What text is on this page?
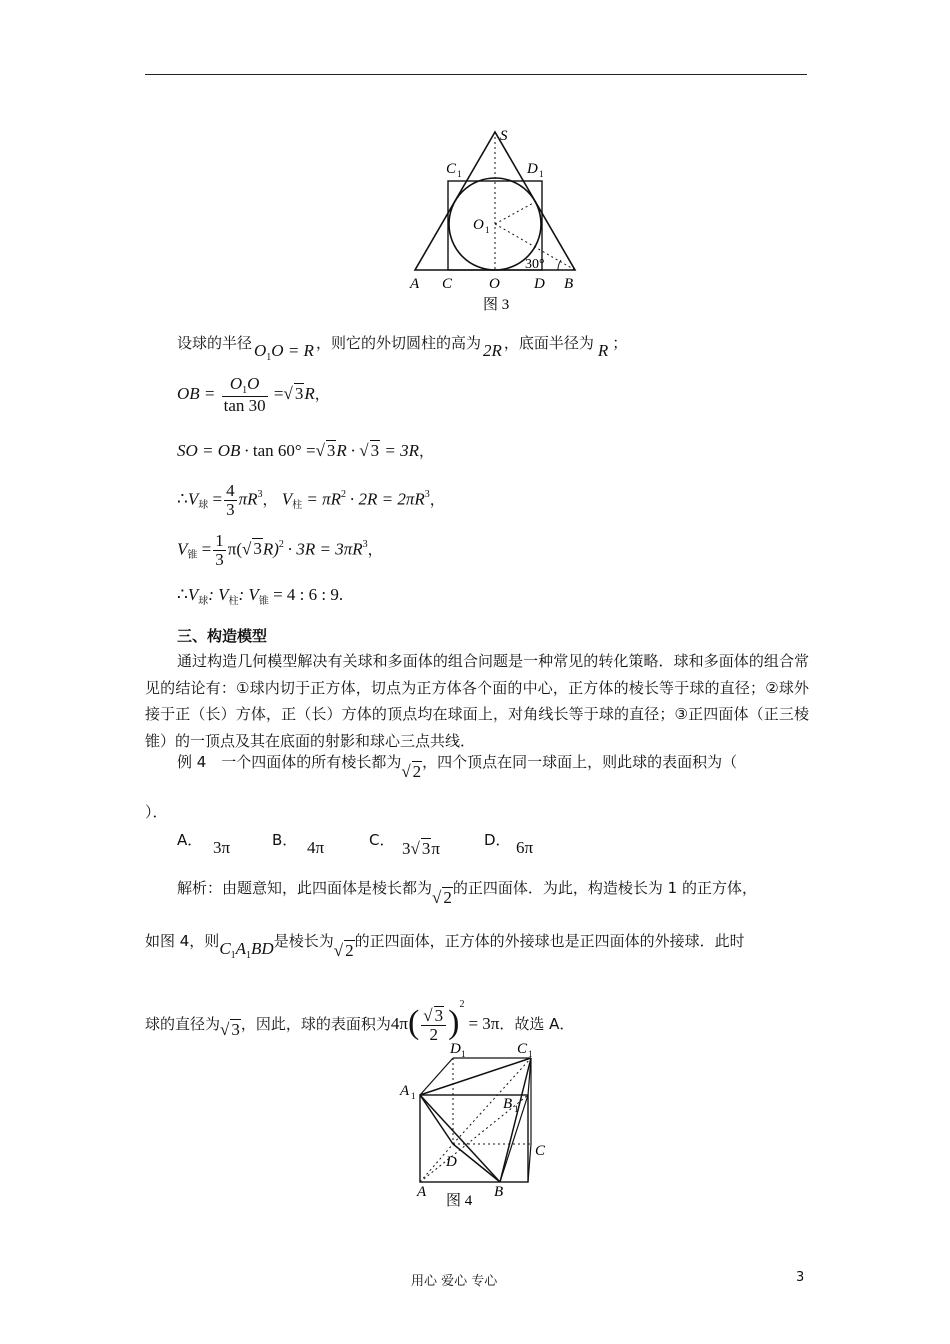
S
C 1	D 1
O 1
30°
A C O D B
图 3
设球的半径 $O_1O = R$ ，则它的外切圆柱的高为 2R ，底面半径为 R ；
OB = $\frac{O_1O}{\tan 30}$ =√ 3R，
SO = OB · tan 60° =√ 3R · √ 3 = 3R，
$\therefore V_球 = \frac{4}{3} \pi R^3$， $V_柱 = \pi R^2 \cdot 2R = 2\pi R^3$，
$V_锥 = \frac{1}{3} \pi(√$ $3R)^2 \cdot 3R = 3\pi R^3$，
$\therefore V_球$: $V_柱$: $V_锥 = 4$ : 6 : 9.
三、构造模型

通过构造几何模型解决有关球和多面体的组合问题是一种常见的转化策略．球和多面体的组合常见的结论有：①球内切于正方体，切点为正方体各个面的中心，正方体的棱长等于球的直径；②球外接于正（长）方体，正（长）方体的顶点均在球面上，对角线长等于球的直径；③正四面体（正三棱锥）的一顶点及其在底面的射影和球心三点共线．

例 4　一个四面体的所有棱长都为√ 2，四个顶点在同一球面上，则此球的表面积为（
）．
A． 3π	B． 4π	C． 3√ 3π	D． 6π
解析：由题意知，此四面体是棱长都为√ 2的正四面体．为此，构造棱长为 1 的正方体，
如图 4，则$C_1A_1BD$是棱长为√ 2的正四面体，正方体的外接球也是正四面体的外接球．此时
球的直径为√ 3，因此，球的表面积为$4\pi( \frac{√ 3}{2} )^2= 3\pi$．故选 A．
D 1	C 1
A 1	B 1
C
D
A	B
图 4
用心 爱心 专心	3
